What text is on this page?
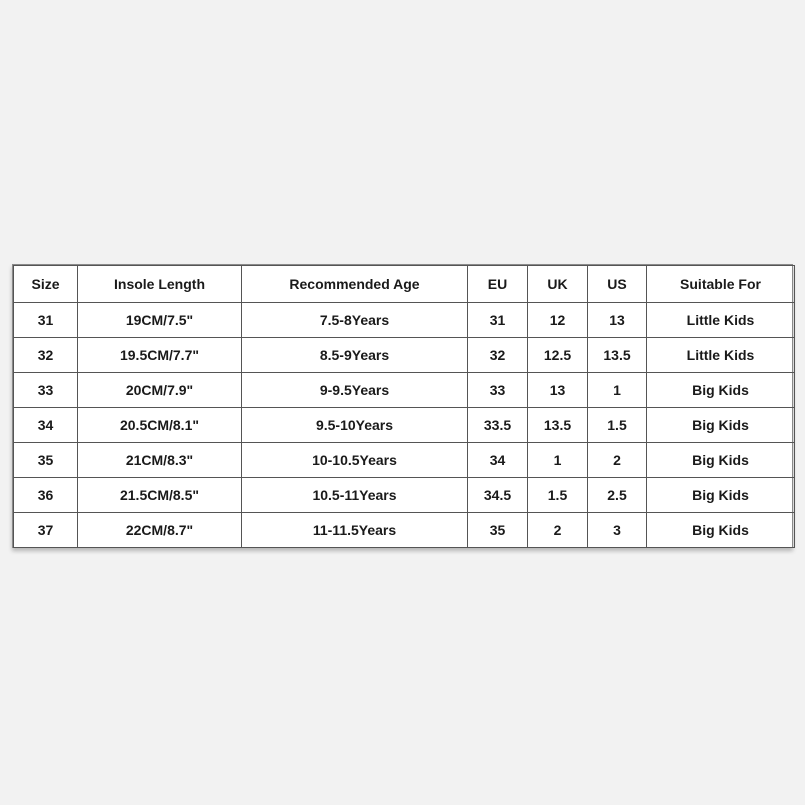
Size	Insole Length	Recommended Age	EU	UK	US	Suitable For
31	19CM/7.5"	7.5-8Years	31	12	13	Little Kids
32	19.5CM/7.7"	8.5-9Years	32	12.5	13.5	Little Kids
33	20CM/7.9"	9-9.5Years	33	13	1	Big Kids
34	20.5CM/8.1"	9.5-10Years	33.5	13.5	1.5	Big Kids
35	21CM/8.3"	10-10.5Years	34	1	2	Big Kids
36	21.5CM/8.5"	10.5-11Years	34.5	1.5	2.5	Big Kids
37	22CM/8.7"	11-11.5Years	35	2	3	Big Kids
